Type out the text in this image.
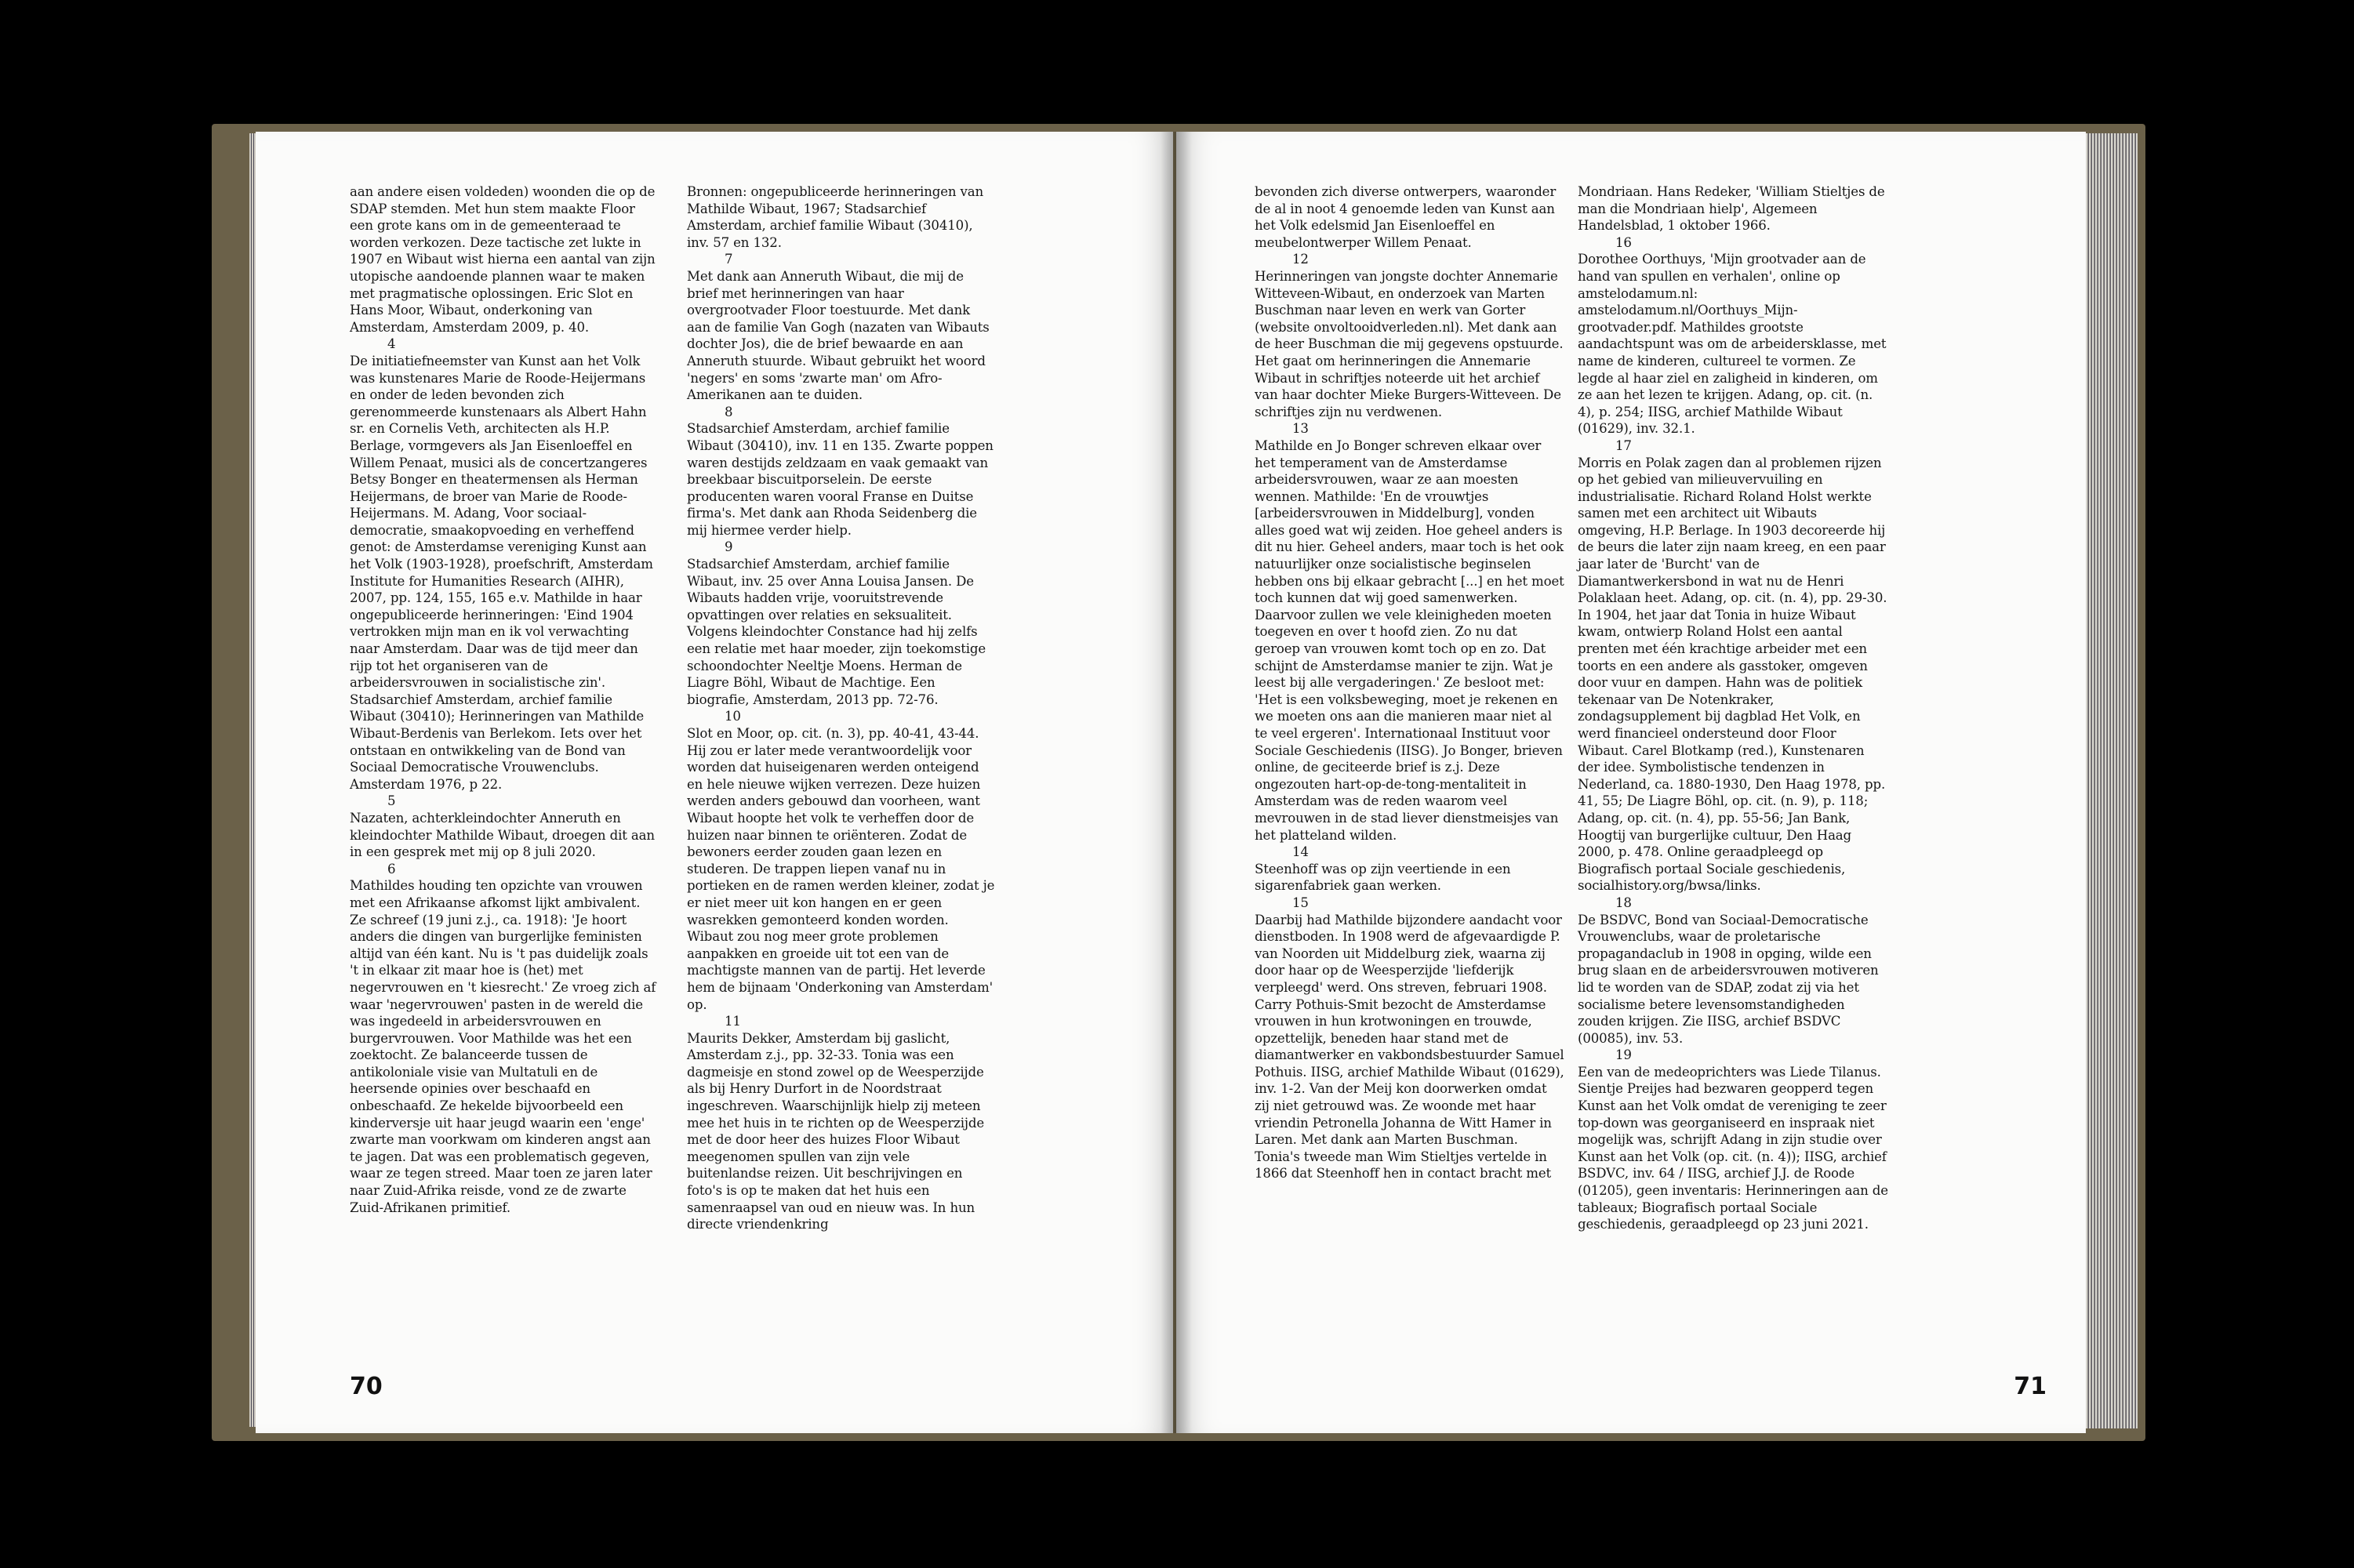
aan andere eisen voldeden) woonden die op de SDAP stemden. Met hun stem maakte Floor een grote kans om in de gemeenteraad te worden verkozen. Deze tactische zet lukte in 1907 en Wibaut wist hierna een aantal van zijn utopische aandoende plannen waar te maken met pragmatische oplossingen. Eric Slot en Hans Moor, Wibaut, onderkoning van Amsterdam, Amsterdam 2009, p. 40.

4

De initiatiefneemster van Kunst aan het Volk was kunstenares Marie de Roode-Heijermans en onder de leden bevonden zich gerenommeerde kunstenaars als Albert Hahn sr. en Cornelis Veth, architecten als H.P. Berlage, vormgevers als Jan Eisenloeffel en Willem Penaat, musici als de concertzangeres Betsy Bonger en theatermensen als Herman Heijermans, de broer van Marie de Roode-Heijermans. M. Adang, Voor sociaal-democratie, smaakopvoeding en verheffend genot: de Amsterdamse vereniging Kunst aan het Volk (1903-1928), proefschrift, Amsterdam Institute for Humanities Research (AIHR), 2007, pp. 124, 155, 165 e.v. Mathilde in haar ongepubliceerde herinneringen: 'Eind 1904 vertrokken mijn man en ik vol verwachting naar Amsterdam. Daar was de tijd meer dan rijp tot het organiseren van de arbeidersvrouwen in socialistische zin'. Stadsarchief Amsterdam, archief familie Wibaut (30410); Herinneringen van Mathilde Wibaut-Berdenis van Berlekom. Iets over het ontstaan en ontwikkeling van de Bond van Sociaal Democratische Vrouwenclubs. Amsterdam 1976, p 22.

5

Nazaten, achterkleindochter Anneruth en kleindochter Mathilde Wibaut, droegen dit aan in een gesprek met mij op 8 juli 2020.

6

Mathildes houding ten opzichte van vrouwen met een Afrikaanse afkomst lijkt ambivalent. Ze schreef (19 juni z.j., ca. 1918): 'Je hoort anders die dingen van burgerlijke feministen altijd van één kant. Nu is 't pas duidelijk zoals 't in elkaar zit maar hoe is (het) met negervrouwen en 't kiesrecht.' Ze vroeg zich af waar 'negervrouwen' pasten in de wereld die was ingedeeld in arbeidersvrouwen en burgervrouwen. Voor Mathilde was het een zoektocht. Ze balanceerde tussen de antikoloniale visie van Multatuli en de heersende opinies over beschaafd en onbeschaafd. Ze hekelde bijvoorbeeld een kinderversje uit haar jeugd waarin een 'enge' zwarte man voorkwam om kinderen angst aan te jagen. Dat was een problematisch gegeven, waar ze tegen streed. Maar toen ze jaren later naar Zuid-Afrika reisde, vond ze de zwarte Zuid-Afrikanen primitief.

Bronnen: ongepubliceerde herinneringen van Mathilde Wibaut, 1967; Stadsarchief Amsterdam, archief familie Wibaut (30410), inv. 57 en 132.

7

Met dank aan Anneruth Wibaut, die mij de brief met herinneringen van haar overgrootvader Floor toestuurde. Met dank aan de familie Van Gogh (nazaten van Wibauts dochter Jos), die de brief bewaarde en aan Anneruth stuurde. Wibaut gebruikt het woord 'negers' en soms 'zwarte man' om Afro-Amerikanen aan te duiden.

8

Stadsarchief Amsterdam, archief familie Wibaut (30410), inv. 11 en 135. Zwarte poppen waren destijds zeldzaam en vaak gemaakt van breekbaar biscuitporselein. De eerste producenten waren vooral Franse en Duitse firma's. Met dank aan Rhoda Seidenberg die mij hiermee verder hielp.

9

Stadsarchief Amsterdam, archief familie Wibaut, inv. 25 over Anna Louisa Jansen. De Wibauts hadden vrije, vooruitstrevende opvattingen over relaties en seksualiteit. Volgens kleindochter Constance had hij zelfs een relatie met haar moeder, zijn toekomstige schoondochter Neeltje Moens. Herman de Liagre Böhl, Wibaut de Machtige. Een biografie, Amsterdam, 2013 pp. 72-76.

10

Slot en Moor, op. cit. (n. 3), pp. 40-41, 43-44. Hij zou er later mede verantwoordelijk voor worden dat huiseigenaren werden onteigend en hele nieuwe wijken verrezen. Deze huizen werden anders gebouwd dan voorheen, want Wibaut hoopte het volk te verheffen door de huizen naar binnen te oriënteren. Zodat de bewoners eerder zouden gaan lezen en studeren. De trappen liepen vanaf nu in portieken en de ramen werden kleiner, zodat je er niet meer uit kon hangen en er geen wasrekken gemonteerd konden worden. Wibaut zou nog meer grote problemen aanpakken en groeide uit tot een van de machtigste mannen van de partij. Het leverde hem de bijnaam 'Onderkoning van Amsterdam' op.

11

Maurits Dekker, Amsterdam bij gaslicht, Amsterdam z.j., pp. 32-33. Tonia was een dagmeisje en stond zowel op de Weesperzijde als bij Henry Durfort in de Noordstraat ingeschreven. Waarschijnlijk hielp zij meteen mee het huis in te richten op de Weesperzijde met de door heer des huizes Floor Wibaut meegenomen spullen van zijn vele buitenlandse reizen. Uit beschrijvingen en foto's is op te maken dat het huis een samenraapsel van oud en nieuw was. In hun directe vriendenkring

70

bevonden zich diverse ontwerpers, waaronder de al in noot 4 genoemde leden van Kunst aan het Volk edelsmid Jan Eisenloeffel en meubelontwerper Willem Penaat.

12

Herinneringen van jongste dochter Annemarie Witteveen-Wibaut, en onderzoek van Marten Buschman naar leven en werk van Gorter (website onvoltooidverleden.nl). Met dank aan de heer Buschman die mij gegevens opstuurde. Het gaat om herinneringen die Annemarie Wibaut in schriftjes noteerde uit het archief van haar dochter Mieke Burgers-Witteveen. De schriftjes zijn nu verdwenen.

13

Mathilde en Jo Bonger schreven elkaar over het temperament van de Amsterdamse arbeidersvrouwen, waar ze aan moesten wennen. Mathilde: 'En de vrouwtjes [arbeidersvrouwen in Middelburg], vonden alles goed wat wij zeiden. Hoe geheel anders is dit nu hier. Geheel anders, maar toch is het ook natuurlijker onze socialistische beginselen hebben ons bij elkaar gebracht [...] en het moet toch kunnen dat wij goed samenwerken. Daarvoor zullen we vele kleinigheden moeten toegeven en over t hoofd zien. Zo nu dat geroep van vrouwen komt toch op en zo. Dat schijnt de Amsterdamse manier te zijn. Wat je leest bij alle vergaderingen.' Ze besloot met: 'Het is een volksbeweging, moet je rekenen en we moeten ons aan die manieren maar niet al te veel ergeren'. Internationaal Instituut voor Sociale Geschiedenis (IISG). Jo Bonger, brieven online, de geciteerde brief is z.j. Deze ongezouten hart-op-de-tong-mentaliteit in Amsterdam was de reden waarom veel mevrouwen in de stad liever dienstmeisjes van het platteland wilden.

14

Steenhoff was op zijn veertiende in een sigarenfabriek gaan werken.

15

Daarbij had Mathilde bijzondere aandacht voor dienstboden. In 1908 werd de afgevaardigde P. van Noorden uit Middelburg ziek, waarna zij door haar op de Weesperzijde 'liefderijk verpleegd' werd. Ons streven, februari 1908. Carry Pothuis-Smit bezocht de Amsterdamse vrouwen in hun krotwoningen en trouwde, opzettelijk, beneden haar stand met de diamantwerker en vakbondsbestuurder Samuel Pothuis. IISG, archief Mathilde Wibaut (01629), inv. 1-2. Van der Meij kon doorwerken omdat zij niet getrouwd was. Ze woonde met haar vriendin Petronella Johanna de Witt Hamer in Laren. Met dank aan Marten Buschman. Tonia's tweede man Wim Stieltjes vertelde in 1866 dat Steenhoff hen in contact bracht met

Mondriaan. Hans Redeker, 'William Stieltjes de man die Mondriaan hielp', Algemeen Handelsblad, 1 oktober 1966.

16

Dorothee Oorthuys, 'Mijn grootvader aan de hand van spullen en verhalen', online op amstelodamum.nl: amstelodamum.nl/Oorthuys_Mijn-grootvader.pdf. Mathildes grootste aandachtspunt was om de arbeidersklasse, met name de kinderen, cultureel te vormen. Ze legde al haar ziel en zaligheid in kinderen, om ze aan het lezen te krijgen. Adang, op. cit. (n. 4), p. 254; IISG, archief Mathilde Wibaut (01629), inv. 32.1.

17

Morris en Polak zagen dan al problemen rijzen op het gebied van milieuvervuiling en industrialisatie. Richard Roland Holst werkte samen met een architect uit Wibauts omgeving, H.P. Berlage. In 1903 decoreerde hij de beurs die later zijn naam kreeg, en een paar jaar later de 'Burcht' van de Diamantwerkersbond in wat nu de Henri Polaklaan heet. Adang, op. cit. (n. 4), pp. 29-30. In 1904, het jaar dat Tonia in huize Wibaut kwam, ontwierp Roland Holst een aantal prenten met één krachtige arbeider met een toorts en een andere als gasstoker, omgeven door vuur en dampen. Hahn was de politiek tekenaar van De Notenkraker, zondagsupplement bij dagblad Het Volk, en werd financieel ondersteund door Floor Wibaut. Carel Blotkamp (red.), Kunstenaren der idee. Symbolistische tendenzen in Nederland, ca. 1880-1930, Den Haag 1978, pp. 41, 55; De Liagre Böhl, op. cit. (n. 9), p. 118; Adang, op. cit. (n. 4), pp. 55-56; Jan Bank, Hoogtij van burgerlijke cultuur, Den Haag 2000, p. 478. Online geraadpleegd op Biografisch portaal Sociale geschiedenis, socialhistory.org/bwsa/links.

18

De BSDVC, Bond van Sociaal-Democratische Vrouwenclubs, waar de proletarische propagandaclub in 1908 in opging, wilde een brug slaan en de arbeidersvrouwen motiveren lid te worden van de SDAP, zodat zij via het socialisme betere levensomstandigheden zouden krijgen. Zie IISG, archief BSDVC (00085), inv. 53.

19

Een van de medeoprichters was Liede Tilanus. Sientje Preijes had bezwaren geopperd tegen Kunst aan het Volk omdat de vereniging te zeer top-down was georganiseerd en inspraak niet mogelijk was, schrijft Adang in zijn studie over Kunst aan het Volk (op. cit. (n. 4)); IISG, archief BSDVC, inv. 64 / IISG, archief J.J. de Roode (01205), geen inventaris: Herinneringen aan de tableaux; Biografisch portaal Sociale geschiedenis, geraadpleegd op 23 juni 2021.

71
